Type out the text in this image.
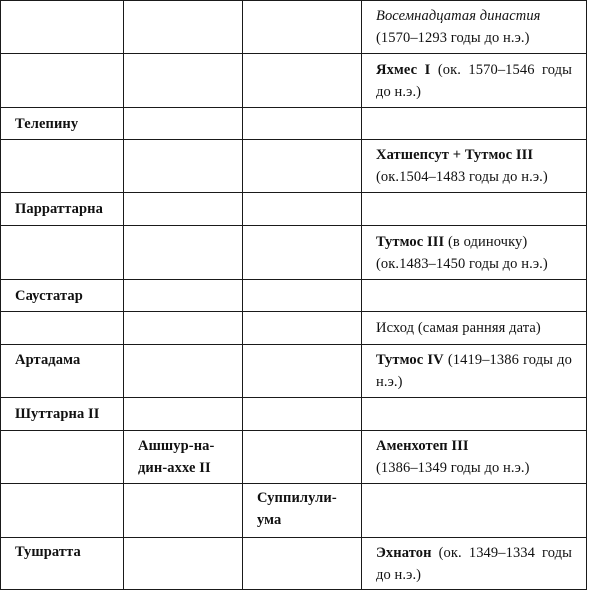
			Восемнадцатая династия
(1570–1293 годы до н.э.)
			Яхмес I (ок. 1570–1546 годы до н.э.)
Телепину			
			Хатшепсут + Тутмос III
(ок.1504–1483 годы до н.э.)
Парраттарна			
			Тутмос III (в одиночку) (ок.1483–1450 годы до н.э.)
Саустатар			
			Исход (самая ранняя дата)
Артадама			Тутмос IV (1419–1386 годы до н.э.)
Шуттарна II			
	Ашшур-на-дин-аххе II		Аменхотеп III
(1386–1349 годы до н.э.)
		Суппилули-ума	
Тушратта			Эхнатон (ок. 1349–1334 годы до н.э.)
